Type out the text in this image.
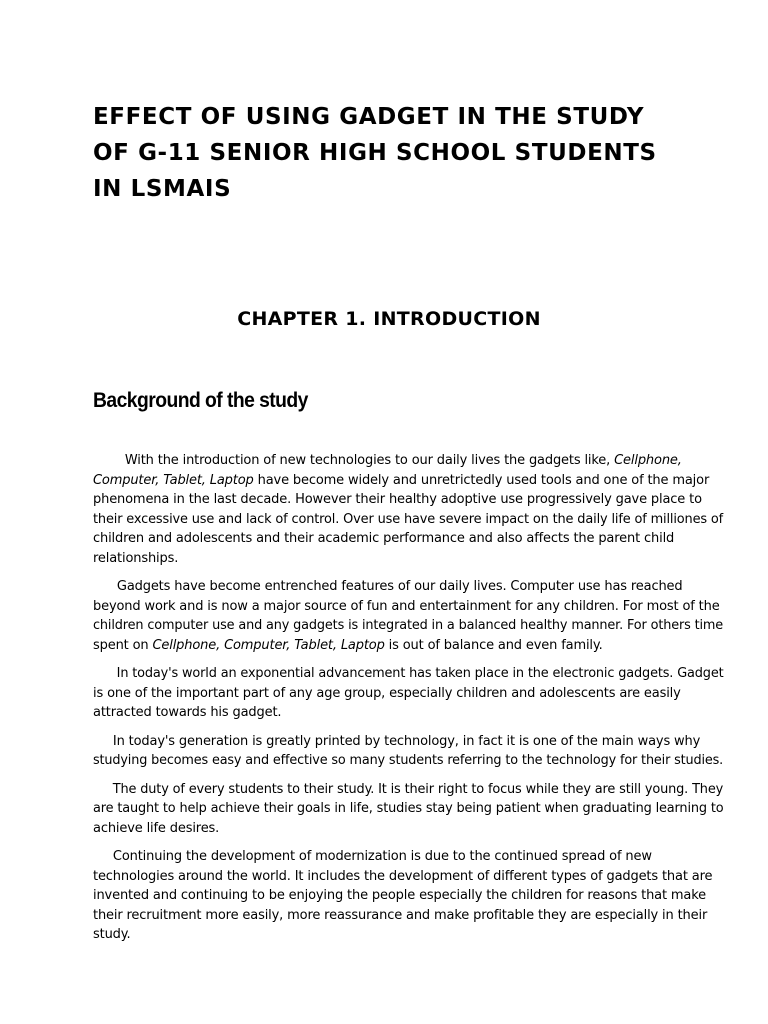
EFFECT OF USING GADGET IN THE STUDY
OF G-11 SENIOR HIGH SCHOOL STUDENTS
IN LSMAIS
CHAPTER 1. INTRODUCTION
Background of the study

With the introduction of new technologies to our daily lives the gadgets like, Cellphone,
Computer, Tablet, Laptop have become widely and unretrictedly used tools and one of the major
phenomena in the last decade. However their healthy adoptive use progressively gave place to
their excessive use and lack of control. Over use have severe impact on the daily life of milliones of
children and adolescents and their academic performance and also affects the parent child
relationships.

Gadgets have become entrenched features of our daily lives. Computer use has reached
beyond work and is now a major source of fun and entertainment for any children. For most of the
children computer use and any gadgets is integrated in a balanced healthy manner. For others time
spent on Cellphone, Computer, Tablet, Laptop is out of balance and even family.

In today's world an exponential advancement has taken place in the electronic gadgets. Gadget
is one of the important part of any age group, especially children and adolescents are easily
attracted towards his gadget.

In today's generation is greatly printed by technology, in fact it is one of the main ways why
studying becomes easy and effective so many students referring to the technology for their studies.

The duty of every students to their study. It is their right to focus while they are still young. They
are taught to help achieve their goals in life, studies stay being patient when graduating learning to
achieve life desires.

Continuing the development of modernization is due to the continued spread of new
technologies around the world. It includes the development of different types of gadgets that are
invented and continuing to be enjoying the people especially the children for reasons that make
their recruitment more easily, more reassurance and make profitable they are especially in their
study.
